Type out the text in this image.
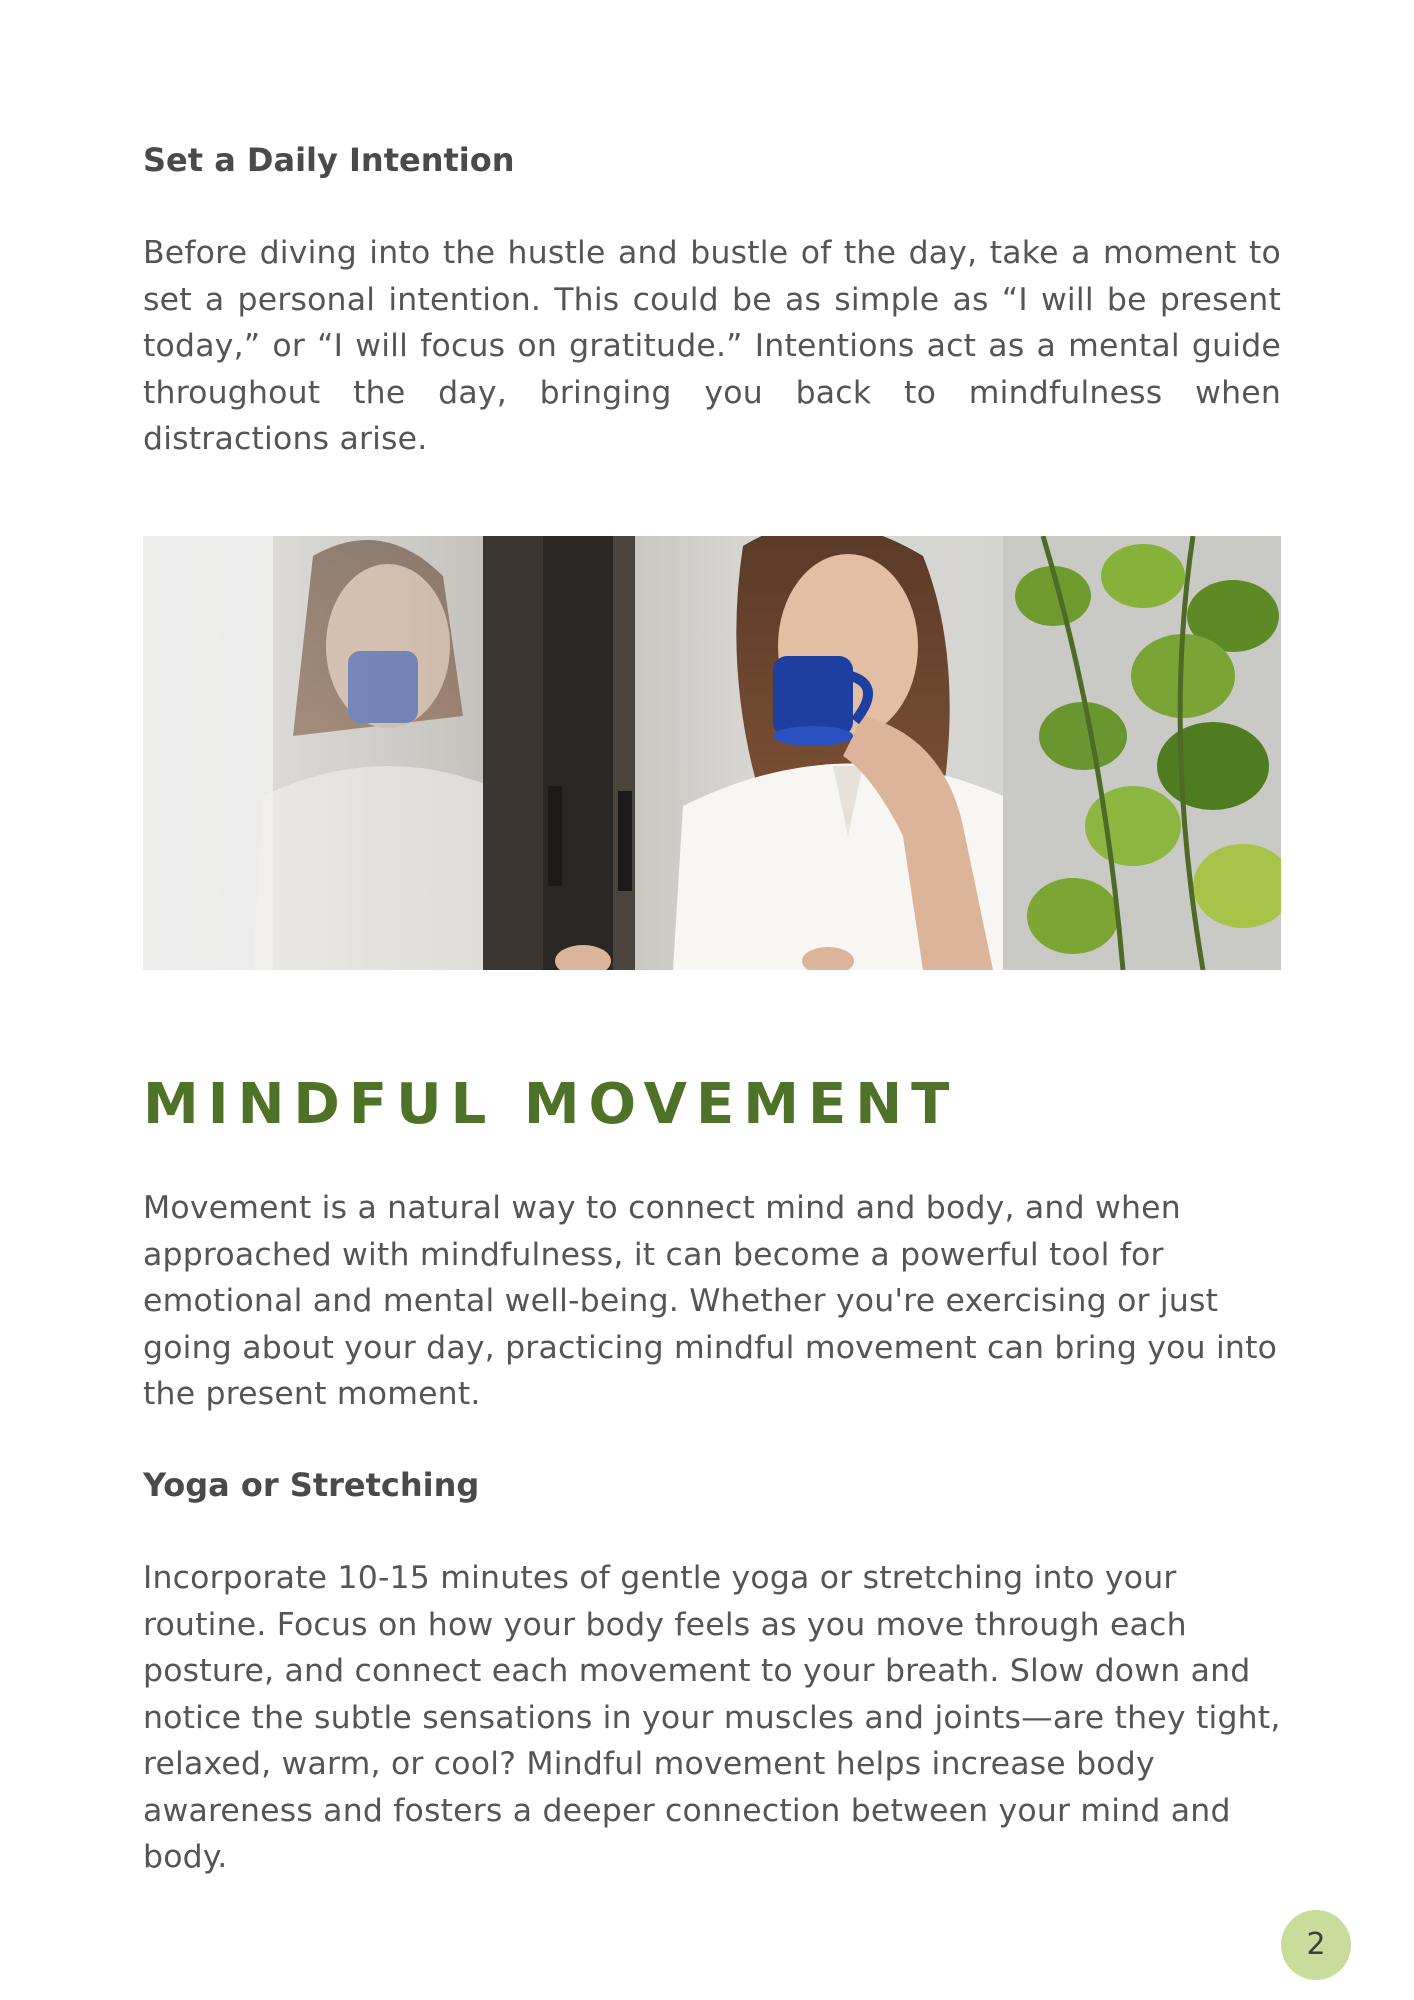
Set a Daily Intention

Before diving into the hustle and bustle of the day, take a moment to set a personal intention. This could be as simple as “I will be present today,” or “I will focus on gratitude.” Intentions act as a mental guide throughout the day, bringing you back to mindfulness when distractions arise.

MINDFUL MOVEMENT

Movement is a natural way to connect mind and body, and when approached with mindfulness, it can become a powerful tool for emotional and mental well-being. Whether you're exercising or just going about your day, practicing mindful movement can bring you into the present moment.

Yoga or Stretching

Incorporate 10-15 minutes of gentle yoga or stretching into your routine. Focus on how your body feels as you move through each posture, and connect each movement to your breath. Slow down and notice the subtle sensations in your muscles and joints—are they tight, relaxed, warm, or cool? Mindful movement helps increase body awareness and fosters a deeper connection between your mind and body.

2
